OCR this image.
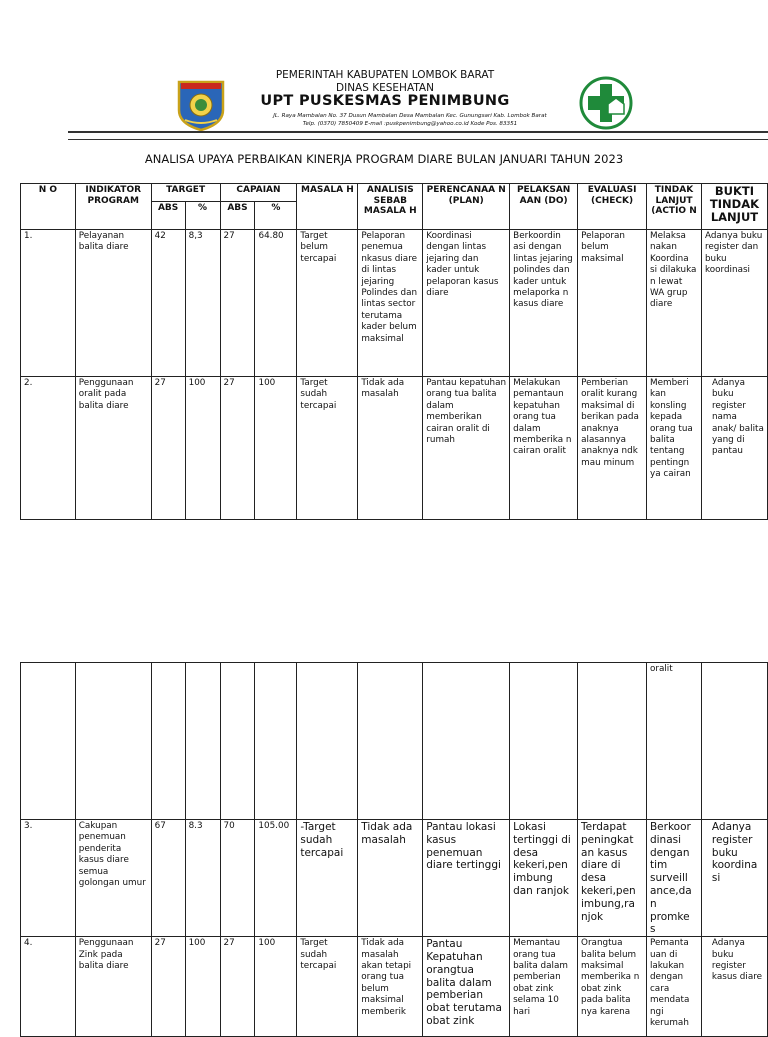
PEMERINTAH KABUPATEN LOMBOK BARAT
DINAS KESEHATAN
UPT PUSKESMAS PENIMBUNG
JL. Raya Mambalan No. 37 Dusun Mambalan Desa Mambalan Kec. Gunungsari Kab. Lombok Barat
Telp. (0370) 7850409 E-mail :puskpenimbung@yahoo.co.id Kode Pos. 83351
ANALISA UPAYA PERBAIKAN KINERJA PROGRAM DIARE BULAN JANUARI TAHUN 2023
N O	INDIKATOR PROGRAM	TARGET		CAPAIAN		MASALA H	ANALISIS SEBAB MASALA H	PERENCANAA N (PLAN)	PELAKSAN AAN (DO)	EVALUASI (CHECK)	TINDAK LANJUT (ACTIO N	BUKTI TINDAK LANJUT
		ABS	%	ABS	%							
1.	Pelayanan balita diare	42	8,3	27	64.80	Target belum tercapai	Pelaporan penemua nkasus diare di lintas jejaring Polindes dan lintas sector terutama kader belum maksimal	Koordinasi dengan lintas jejaring dan kader untuk pelaporan kasus diare	Berkoordin asi dengan lintas jejaring polindes dan kader untuk melaporka n kasus diare	Pelaporan belum maksimal	Melaksa nakan Koordina si dilakuka n lewat WA grup diare	Adanya buku register dan buku koordinasi
2.	Penggunaan oralit pada balita diare	27	100	27	100	Target sudah tercapai	Tidak ada masalah	Pantau kepatuhan orang tua balita dalam memberikan cairan oralit di rumah	Melakukan pemantaun kepatuhan orang tua dalam memberika n cairan oralit	Pemberian oralit kurang maksimal di berikan pada anaknya alasannya anaknya ndk mau minum	Memberi kan konsling kepada orang tua balita tentang pentingn ya cairan	Adanya buku register nama anak/ balita yang di pantau
											oralit	
3.	Cakupan penemuan penderita kasus diare semua golongan umur	67	8.3	70	105.00	-Target sudah tercapai	Tidak ada masalah	Pantau lokasi kasus penemuan diare tertinggi	Lokasi tertinggi di desa kekeri,pen imbung dan ranjok	Terdapat peningkat an kasus diare di desa kekeri,pen imbung,ra njok	Berkoor dinasi dengan tim surveill ance,da n promke s	Adanya register buku koordina si
4.	Penggunaan Zink pada balita diare	27	100	27	100	Target sudah tercapai	Tidak ada masalah akan tetapi orang tua belum maksimal memberik	Pantau Kepatuhan orangtua balita dalam pemberian obat terutama obat zink	Memantau orang tua balita dalam pemberian obat zink selama 10 hari	Orangtua balita belum maksimal memberika n obat zink pada balita nya karena	Pemanta uan di lakukan dengan cara mendata ngi kerumah	Adanya buku register kasus diare
